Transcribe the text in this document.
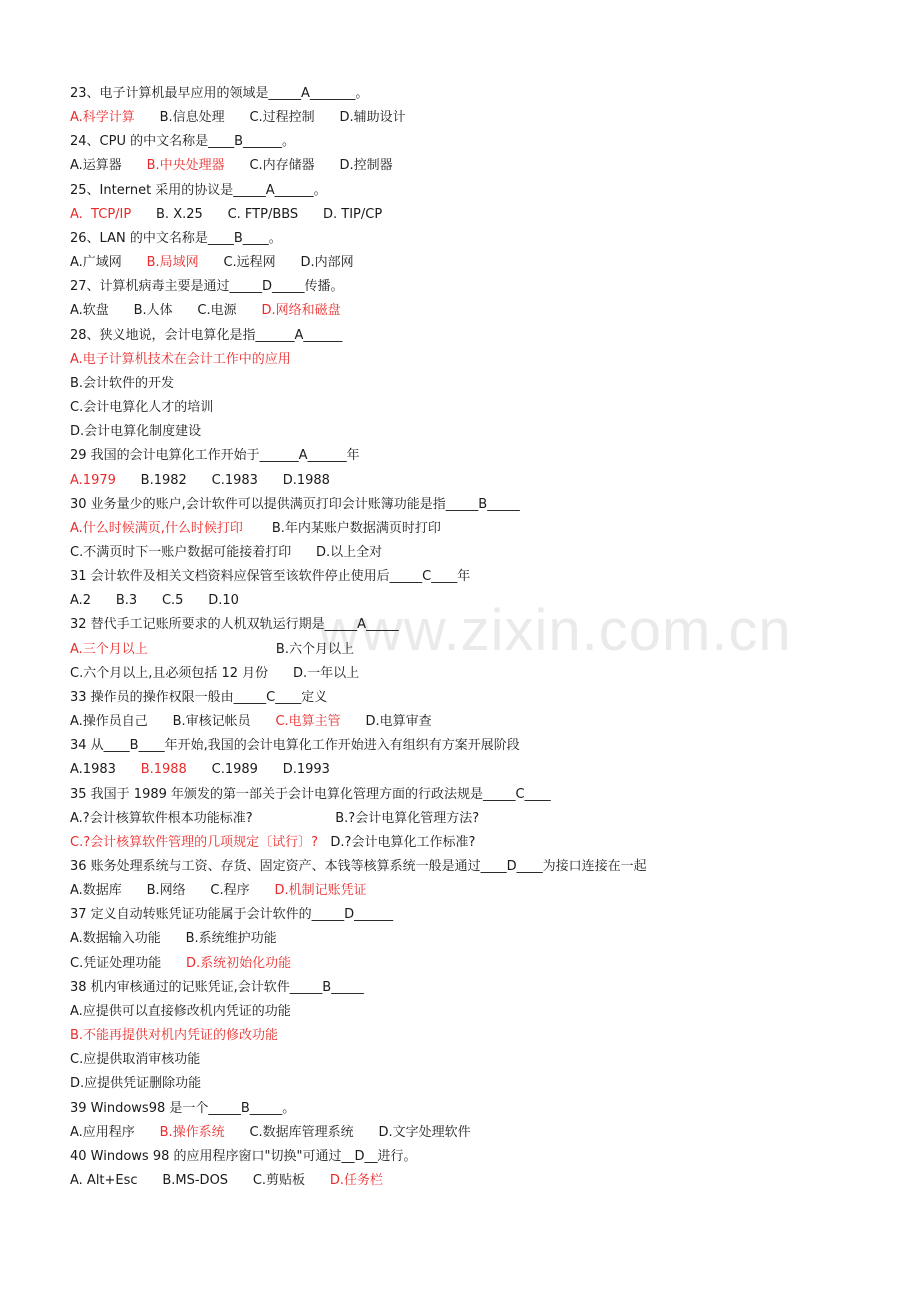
www.zixin.com.cn
23、电子计算机最早应用的领域是_____A_______。
A.科学计算      B.信息处理      C.过程控制      D.辅助设计
24、CPU 的中文名称是____B______。
A.运算器      B.中央处理器      C.内存储器      D.控制器
25、Internet 采用的协议是_____A______。
A.  TCP/IP      B. X.25      C. FTP/BBS      D. TIP/CP
26、LAN 的中文名称是____B____。
A.广域网      B.局域网      C.远程网      D.内部网
27、计算机病毒主要是通过_____D_____传播。
A.软盘      B.人体      C.电源      D.网络和磁盘
28、狭义地说，会计电算化是指______A______
A.电子计算机技术在会计工作中的应用
B.会计软件的开发
C.会计电算化人才的培训
D.会计电算化制度建设
29 我国的会计电算化工作开始于______A______年
A.1979      B.1982      C.1983      D.1988
30 业务量少的账户,会计软件可以提供满页打印会计账簿功能是指_____B_____
A.什么时候满页,什么时候打印       B.年内某账户数据满页时打印
C.不满页时下一账户数据可能接着打印      D.以上全对
31 会计软件及相关文档资料应保管至该软件停止使用后_____C____年
A.2      B.3      C.5      D.10
32 替代手工记账所要求的人机双轨运行期是_____A_____
A.三个月以上                               B.六个月以上
C.六个月以上,且必须包括 12 月份      D.一年以上
33 操作员的操作权限一般由_____C____定义
A.操作员自己      B.审核记帐员      C.电算主管      D.电算审查
34 从____B____年开始,我国的会计电算化工作开始进入有组织有方案开展阶段
A.1983      B.1988      C.1989      D.1993
35 我国于 1989 年颁发的第一部关于会计电算化管理方面的行政法规是_____C____
A.?会计核算软件根本功能标准?                    B.?会计电算化管理方法?
C.?会计核算软件管理的几项规定〔试行〕?   D.?会计电算化工作标准?
36 账务处理系统与工资、存货、固定资产、本钱等核算系统一般是通过____D____为接口连接在一起
A.数据库      B.网络      C.程序      D.机制记账凭证
37 定义自动转账凭证功能属于会计软件的_____D______
A.数据输入功能      B.系统维护功能
C.凭证处理功能      D.系统初始化功能
38 机内审核通过的记账凭证,会计软件_____B_____
A.应提供可以直接修改机内凭证的功能
B.不能再提供对机内凭证的修改功能
C.应提供取消审核功能
D.应提供凭证删除功能
39 Windows98 是一个_____B_____。
A.应用程序      B.操作系统      C.数据库管理系统      D.文字处理软件
40 Windows 98 的应用程序窗口"切换"可通过__D__进行。
A. Alt+Esc      B.MS-DOS      C.剪贴板      D.任务栏
